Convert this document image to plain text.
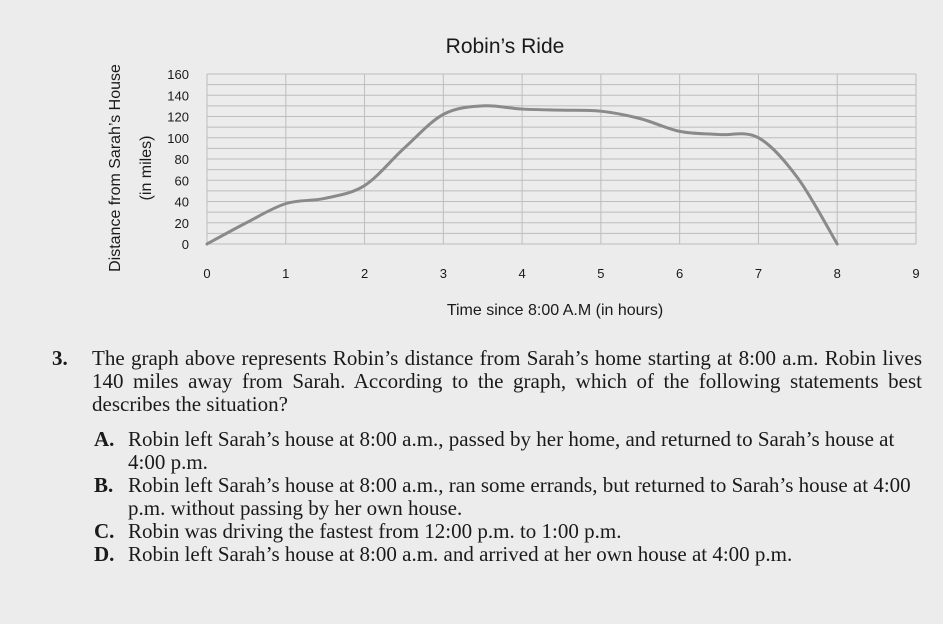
0
20
40
60
80
100
120
140
160
0	1	2	3	4	5	6	7	8	9
Robin’s Ride
Time since 8:00 A.M (in hours)
Distance from Sarah’s House (in miles)
3.	The graph above represents Robin’s distance from Sarah’s home starting at 8:00 a.m. Robin lives 140 miles away from Sarah. According to the graph, which of the following statements best describes the situation?
A. Robin left Sarah’s house at 8:00 a.m., passed by her home, and returned to Sarah’s house at 4:00 p.m.
B. Robin left Sarah’s house at 8:00 a.m., ran some errands, but returned to Sarah’s house at 4:00 p.m. without passing by her own house.
C. Robin was driving the fastest from 12:00 p.m. to 1:00 p.m.
D. Robin left Sarah’s house at 8:00 a.m. and arrived at her own house at 4:00 p.m.
